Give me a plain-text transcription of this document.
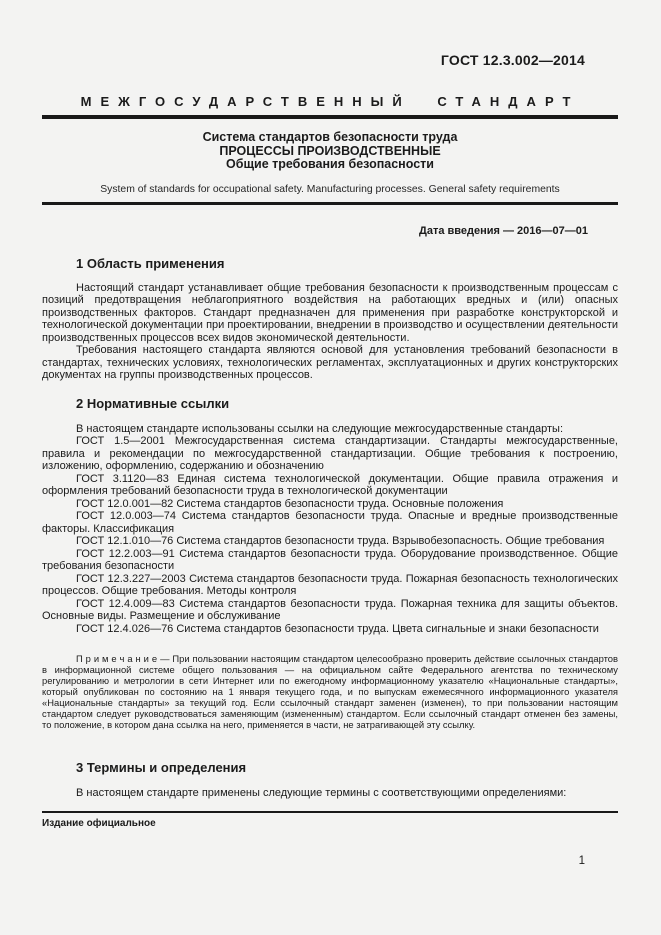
ГОСТ 12.3.002—2014
МЕЖГОСУДАРСТВЕННЫЙ СТАНДАРТ
Система стандартов безопасности труда
ПРОЦЕССЫ ПРОИЗВОДСТВЕННЫЕ
Общие требования безопасности
System of standards for occupational safety. Manufacturing processes. General safety requirements
Дата введения — 2016—07—01
1 Область применения

Настоящий стандарт устанавливает общие требования безопасности к производственным процессам с позиций предотвращения неблагоприятного воздействия на работающих вредных и (или) опасных производственных факторов. Стандарт предназначен для применения при разработке конструкторской и технологической документации при проектировании, внедрении в производство и осуществлении деятельности производственных процессов всех видов экономической деятельности.

Требования настоящего стандарта являются основой для установления требований безопасности в стандартах, технических условиях, технологических регламентах, эксплуатационных и других конструкторских документах на группы производственных процессов.

2 Нормативные ссылки

В настоящем стандарте использованы ссылки на следующие межгосударственные стандарты:

ГОСТ 1.5—2001 Межгосударственная система стандартизации. Стандарты межгосударственные, правила и рекомендации по межгосударственной стандартизации. Общие требования к построению, изложению, оформлению, содержанию и обозначению

ГОСТ 3.1120—83 Единая система технологической документации. Общие правила отражения и оформления требований безопасности труда в технологической документации

ГОСТ 12.0.001—82 Система стандартов безопасности труда. Основные положения

ГОСТ 12.0.003—74 Система стандартов безопасности труда. Опасные и вредные производственные факторы. Классификация

ГОСТ 12.1.010—76 Система стандартов безопасности труда. Взрывобезопасность. Общие требования

ГОСТ 12.2.003—91 Система стандартов безопасности труда. Оборудование производственное. Общие требования безопасности

ГОСТ 12.3.227—2003 Система стандартов безопасности труда. Пожарная безопасность технологических процессов. Общие требования. Методы контроля

ГОСТ 12.4.009—83 Система стандартов безопасности труда. Пожарная техника для защиты объектов. Основные виды. Размещение и обслуживание

ГОСТ 12.4.026—76 Система стандартов безопасности труда. Цвета сигнальные и знаки безопасности

П р и м е ч а н и е — При пользовании настоящим стандартом целесообразно проверить действие ссылочных стандартов в информационной системе общего пользования — на официальном сайте Федерального агентства по техническому регулированию и метрологии в сети Интернет или по ежегодному информационному указателю «Национальные стандарты», который опубликован по состоянию на 1 января текущего года, и по выпускам ежемесячного информационного указателя «Национальные стандарты» за текущий год. Если ссылочный стандарт заменен (изменен), то при пользовании настоящим стандартом следует руководствоваться заменяющим (измененным) стандартом. Если ссылочный стандарт отменен без замены, то положение, в котором дана ссылка на него, применяется в части, не затрагивающей эту ссылку.

3 Термины и определения

В настоящем стандарте применены следующие термины с соответствующими определениями:

Издание официальное
1
